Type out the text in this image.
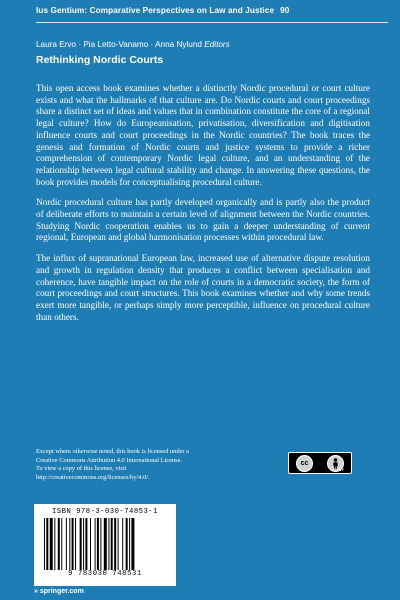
Ius Gentium: Comparative Perspectives on Law and Justice 90
Laura Ervo · Pia Letto-Vanamo · Anna Nylund Editors
Rethinking Nordic Courts

This open access book examines whether a distinctly Nordic procedural or court culture exists and what the hallmarks of that culture are. Do Nordic courts and court proceedings share a distinct set of ideas and values that in combination constitute the core of a regional legal culture? How do Europeanisation, privatisation, diversification and digitisation influence courts and court proceedings in the Nordic countries? The book traces the genesis and formation of Nordic courts and justice systems to provide a richer comprehension of contemporary Nordic legal culture, and an understanding of the relationship between legal cultural stability and change. In answering these questions, the book provides models for conceptualising procedural culture.

Nordic procedural culture has partly developed organically and is partly also the product of deliberate efforts to maintain a certain level of alignment between the Nordic countries. Studying Nordic cooperation enables us to gain a deeper understanding of current regional, European and global harmonisation processes within procedural law.

The influx of supranational European law, increased use of alternative dispute resolution and growth in regulation density that produces a conflict between specialisation and coherence, have tangible impact on the role of courts in a democratic society, the form of court proceedings and court structures. This book examines whether and why some trends exert more tangible, or perhaps simply more perceptible, influence on procedural culture than others.

Except where otherwise noted, this book is licensed under a

Creative Commons Attribution 4.0 International License.

To view a copy of this license, visit

http://creativecommons.org/licenses/by/4.0/.

cc
BY
ISBN 978-3-030-74853-1
9 783030 748531
» springer.com
